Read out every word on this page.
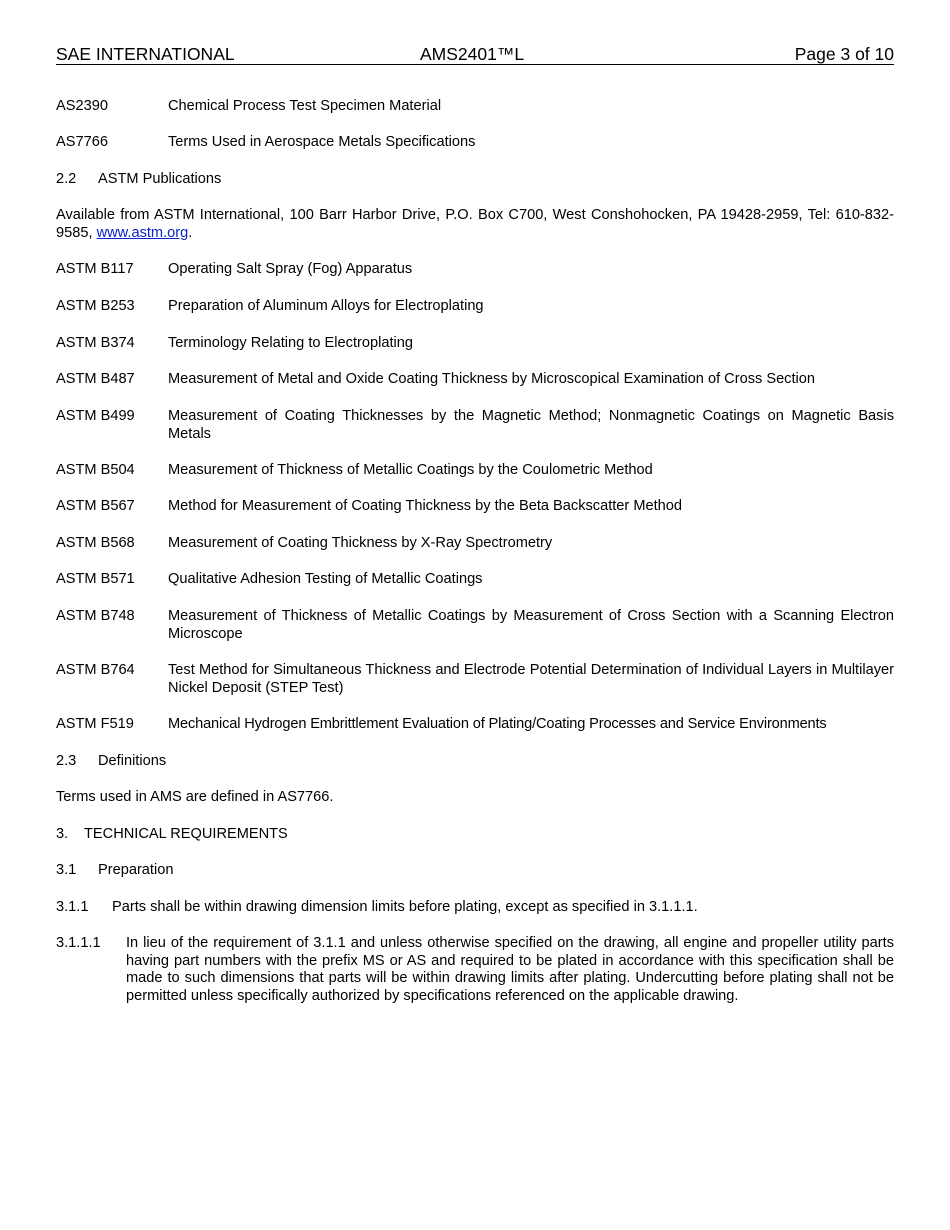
SAE INTERNATIONAL	AMS2401™L	Page 3 of 10
AS2390	Chemical Process Test Specimen Material
AS7766	Terms Used in Aerospace Metals Specifications
2.2 ASTM Publications
Available from ASTM International, 100 Barr Harbor Drive, P.O. Box C700, West Conshohocken, PA 19428-2959, Tel: 610-832-9585, www.astm.org.
ASTM B117 Operating Salt Spray (Fog) Apparatus
ASTM B253 Preparation of Aluminum Alloys for Electroplating
ASTM B374 Terminology Relating to Electroplating
ASTM B487 Measurement of Metal and Oxide Coating Thickness by Microscopical Examination of Cross Section
ASTM B499 Measurement of Coating Thicknesses by the Magnetic Method; Nonmagnetic Coatings on Magnetic Basis Metals
ASTM B504 Measurement of Thickness of Metallic Coatings by the Coulometric Method
ASTM B567 Method for Measurement of Coating Thickness by the Beta Backscatter Method
ASTM B568 Measurement of Coating Thickness by X-Ray Spectrometry
ASTM B571 Qualitative Adhesion Testing of Metallic Coatings
ASTM B748 Measurement of Thickness of Metallic Coatings by Measurement of Cross Section with a Scanning Electron Microscope
ASTM B764 Test Method for Simultaneous Thickness and Electrode Potential Determination of Individual Layers in Multilayer Nickel Deposit (STEP Test)
ASTM F519 Mechanical Hydrogen Embrittlement Evaluation of Plating/Coating Processes and Service Environments
2.3 Definitions
Terms used in AMS are defined in AS7766.
3. TECHNICAL REQUIREMENTS
3.1 Preparation
3.1.1 Parts shall be within drawing dimension limits before plating, except as specified in 3.1.1.1.
3.1.1.1 In lieu of the requirement of 3.1.1 and unless otherwise specified on the drawing, all engine and propeller utility parts having part numbers with the prefix MS or AS and required to be plated in accordance with this specification shall be made to such dimensions that parts will be within drawing limits after plating. Undercutting before plating shall not be permitted unless specifically authorized by specifications referenced on the applicable drawing.
